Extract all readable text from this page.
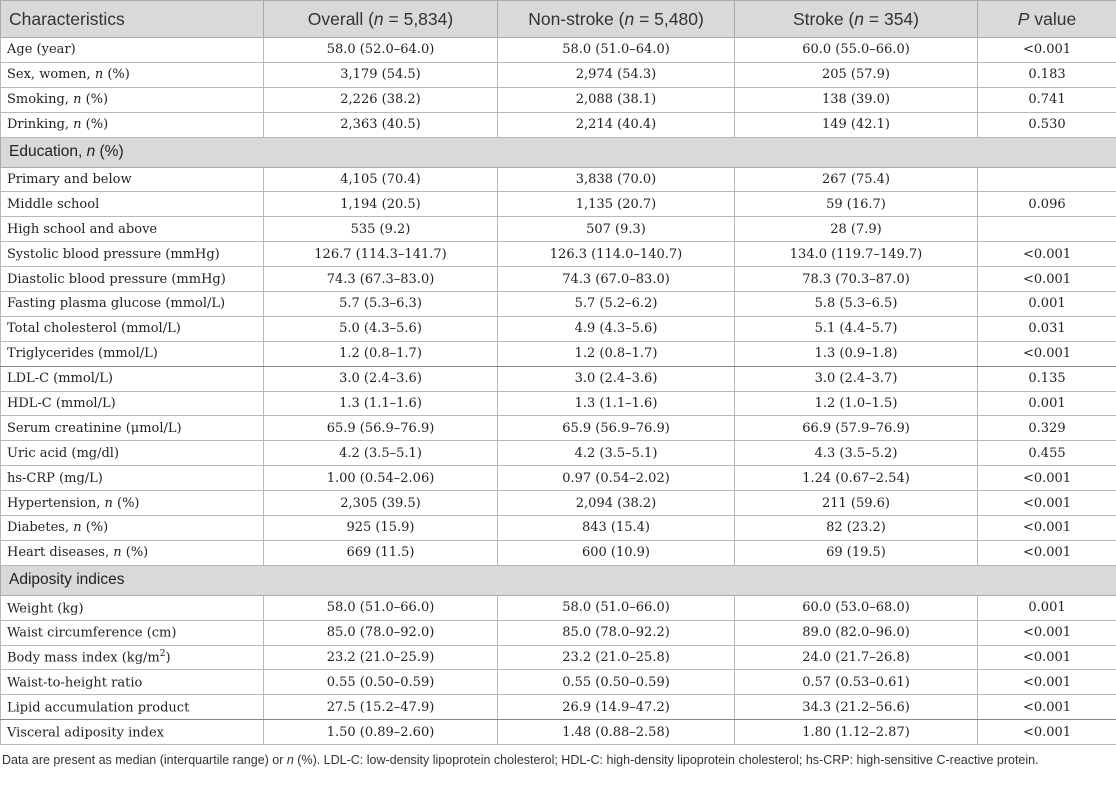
Characteristics	Overall (n = 5,834)	Non-stroke (n = 5,480)	Stroke (n = 354)	P value
Age (year)	58.0 (52.0–64.0)	58.0 (51.0–64.0)	60.0 (55.0–66.0)	<0.001
Sex, women, n (%)	3,179 (54.5)	2,974 (54.3)	205 (57.9)	0.183
Smoking, n (%)	2,226 (38.2)	2,088 (38.1)	138 (39.0)	0.741
Drinking, n (%)	2,363 (40.5)	2,214 (40.4)	149 (42.1)	0.530
Education, n (%)				
Primary and below	4,105 (70.4)	3,838 (70.0)	267 (75.4)	
Middle school	1,194 (20.5)	1,135 (20.7)	59 (16.7)	0.096
High school and above	535 (9.2)	507 (9.3)	28 (7.9)	
Systolic blood pressure (mmHg)	126.7 (114.3–141.7)	126.3 (114.0–140.7)	134.0 (119.7–149.7)	<0.001
Diastolic blood pressure (mmHg)	74.3 (67.3–83.0)	74.3 (67.0–83.0)	78.3 (70.3–87.0)	<0.001
Fasting plasma glucose (mmol/L)	5.7 (5.3–6.3)	5.7 (5.2–6.2)	5.8 (5.3–6.5)	0.001
Total cholesterol (mmol/L)	5.0 (4.3–5.6)	4.9 (4.3–5.6)	5.1 (4.4–5.7)	0.031
Triglycerides (mmol/L)	1.2 (0.8–1.7)	1.2 (0.8–1.7)	1.3 (0.9–1.8)	<0.001
LDL-C (mmol/L)	3.0 (2.4–3.6)	3.0 (2.4–3.6)	3.0 (2.4–3.7)	0.135
HDL-C (mmol/L)	1.3 (1.1–1.6)	1.3 (1.1–1.6)	1.2 (1.0–1.5)	0.001
Serum creatinine (μmol/L)	65.9 (56.9–76.9)	65.9 (56.9–76.9)	66.9 (57.9–76.9)	0.329
Uric acid (mg/dl)	4.2 (3.5–5.1)	4.2 (3.5–5.1)	4.3 (3.5–5.2)	0.455
hs-CRP (mg/L)	1.00 (0.54–2.06)	0.97 (0.54–2.02)	1.24 (0.67–2.54)	<0.001
Hypertension, n (%)	2,305 (39.5)	2,094 (38.2)	211 (59.6)	<0.001
Diabetes, n (%)	925 (15.9)	843 (15.4)	82 (23.2)	<0.001
Heart diseases, n (%)	669 (11.5)	600 (10.9)	69 (19.5)	<0.001
Adiposity indices				
Weight (kg)	58.0 (51.0–66.0)	58.0 (51.0–66.0)	60.0 (53.0–68.0)	0.001
Waist circumference (cm)	85.0 (78.0–92.0)	85.0 (78.0–92.2)	89.0 (82.0–96.0)	<0.001
Body mass index $(kg/m^2)$	23.2 (21.0–25.9)	23.2 (21.0–25.8)	24.0 (21.7–26.8)	<0.001
Waist-to-height ratio	0.55 (0.50–0.59)	0.55 (0.50–0.59)	0.57 (0.53–0.61)	<0.001
Lipid accumulation product	27.5 (15.2–47.9)	26.9 (14.9–47.2)	34.3 (21.2–56.6)	<0.001
Visceral adiposity index	1.50 (0.89–2.60)	1.48 (0.88–2.58)	1.80 (1.12–2.87)	<0.001
Data are present as median (interquartile range) or n (%). LDL-C: low-density lipoprotein cholesterol; HDL-C: high-density lipoprotein cholesterol; hs-CRP: high-sensitive C-reactive protein.
